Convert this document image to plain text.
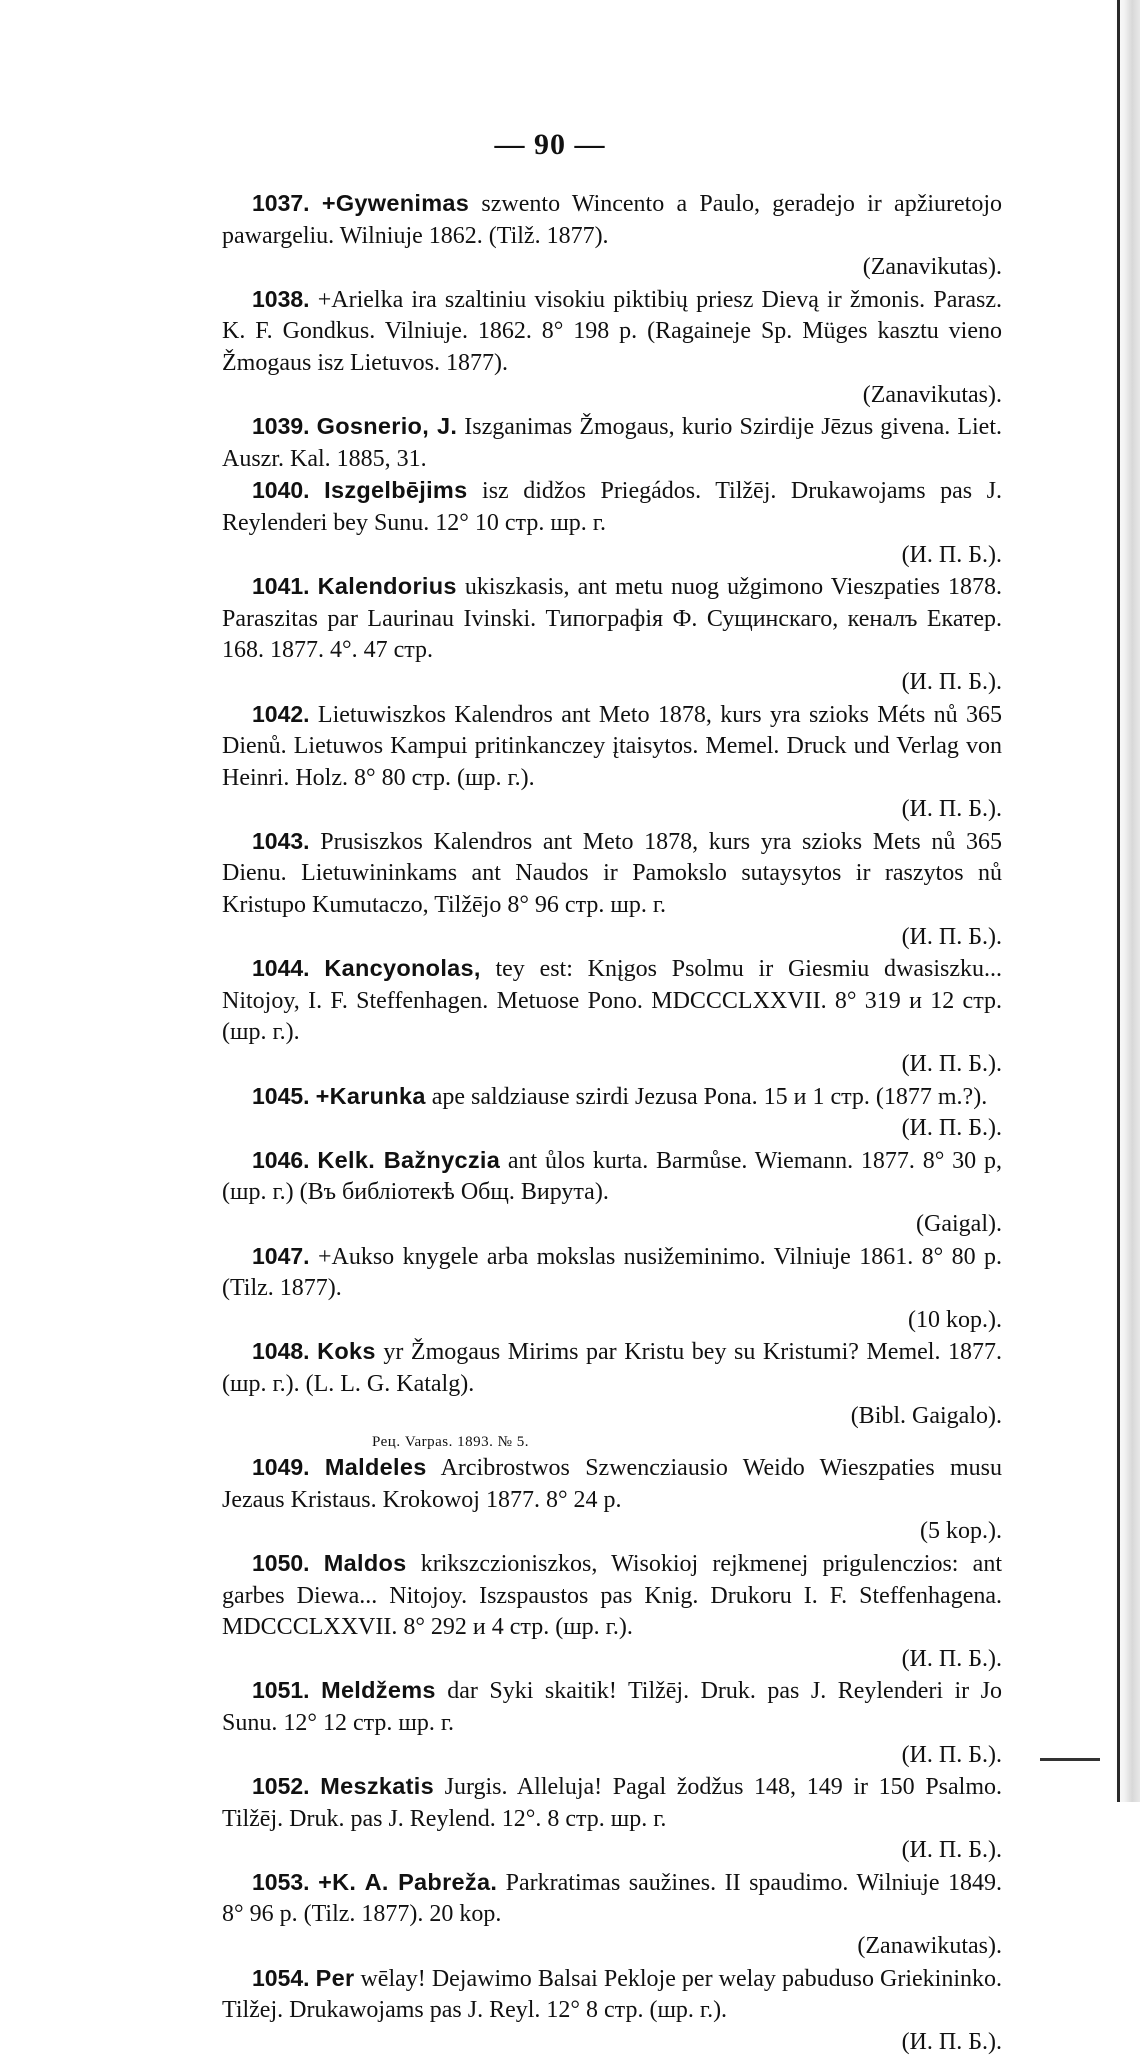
— 90 —

1037. +Gywenimas szwento Wincento a Paulo, geradejo ir apžiuretojo pawargeliu. Wilniuje 1862. (Tilž. 1877).

(Zanavikutas).

1038. +Arielka ira szaltiniu visokiu piktibių priesz Dievą ir žmonis. Parasz. K. F. Gondkus. Vilniuje. 1862. 8° 198 p. (Ragaineje Sp. Müges kasztu vieno Žmogaus isz Lietuvos. 1877).

(Zanavikutas).

1039. Gosnerio, J. Iszganimas Žmogaus, kurio Szirdije Jēzus givena. Liet. Auszr. Kal. 1885, 31.

1040. Iszgelbējims isz didžos Priegádos. Tilžēj. Drukawojams pas J. Reylenderi bey Sunu. 12° 10 стр. шр. г.

(И. П. Б.).

1041. Kalendorius ukiszkasis, ant metu nuog užgimono Vieszpaties 1878. Paraszitas par Laurinau Ivinski. Типографія Ф. Сущинскаго, кеналъ Екатер. 168. 1877. 4°. 47 стр.

(И. П. Б.).

1042. Lietuwiszkos Kalendros ant Meto 1878, kurs yra szioks Méts nů 365 Dienů. Lietuwos Kampui pritinkanczey įtaisytos. Memel. Druck und Verlag von Heinri. Holz. 8° 80 стр. (шр. г.).

(И. П. Б.).

1043. Prusiszkos Kalendros ant Meto 1878, kurs yra szioks Mets nů 365 Dienu. Lietuwininkams ant Naudos ir Pamokslo sutaysytos ir raszytos nů Kristupo Kumutaczo, Tilžējo 8° 96 стр. шр. г.

(И. П. Б.).

1044. Kancyonolas, tey est: Knįgos Psolmu ir Giesmiu dwasiszku... Nitojoy, I. F. Steffenhagen. Metuose Pono. MDCCCLXXVII. 8° 319 и 12 стр. (шр. г.).

(И. П. Б.).

1045. +Karunka ape saldziause szirdi Jezusa Pona. 15 и 1 стр. (1877 m.?).

(И. П. Б.).

1046. Kelk. Bažnyczia ant ůlos kurta. Barmůse. Wiemann. 1877. 8° 30 p, (шр. г.) (Въ библіотекѣ Общ. Вирута).

(Gaigal).

1047. +Aukso knygele arba mokslas nusižeminimo. Vilniuje 1861. 8° 80 p. (Tilz. 1877).

(10 kop.).

1048. Koks yr Žmogaus Mirims par Kristu bey su Kristumi? Memel. 1877. (шр. г.). (L. L. G. Katalg).

(Bibl. Gaigalo).

Рец. Varpas. 1893. № 5.

1049. Maldeles Arcibrostwos Szwencziausio Weido Wieszpaties musu Jezaus Kristaus. Krokowoj 1877. 8° 24 p.

(5 kop.).

1050. Maldos krikszczioniszkos, Wisokioj rejkmenej prigulenczios: ant garbes Diewa... Nitojoy. Iszspaustos pas Knig. Drukoru I. F. Steffenhagena. MDCCCLXXVII. 8° 292 и 4 стр. (шр. г.).

(И. П. Б.).

1051. Meldžems dar Syki skaitik! Tilžēj. Druk. pas J. Reylenderi ir Jo Sunu. 12° 12 стр. шр. г.

(И. П. Б.).

1052. Meszkatis Jurgis. Alleluja! Pagal žodžus 148, 149 ir 150 Psalmo. Tilžēj. Druk. pas J. Reylend. 12°. 8 стр. шр. г.

(И. П. Б.).

1053. +K. A. Pabreža. Parkratimas saužines. II spaudimo. Wilniuje 1849. 8° 96 p. (Tilz. 1877). 20 kop.

(Zanawikutas).

1054. Per wēlay! Dejawimo Balsai Pekloje per welay pabuduso Griekininko. Tilžej. Drukawojams pas J. Reyl. 12° 8 стр. (шр. г.).

(И. П. Б.).
